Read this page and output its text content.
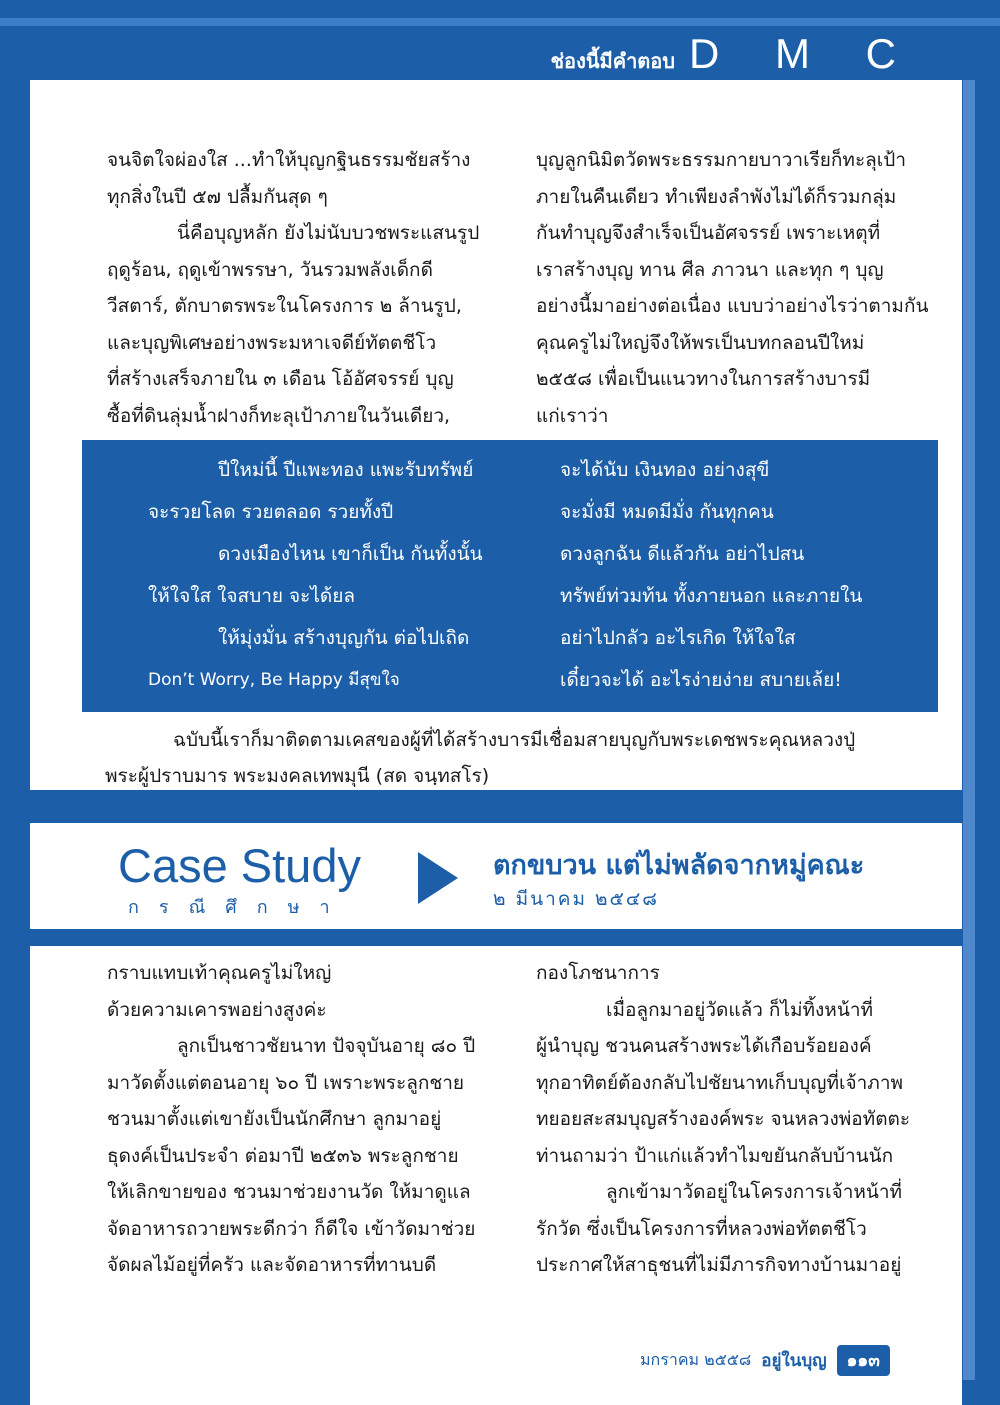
ช่องนี้มีคำตอบ D M C
จนจิตใจผ่องใส ...ทำให้บุญกฐินธรรมชัยสร้าง
ทุกสิ่งในปี ๕๗ ปลื้มกันสุด ๆ
นี่คือบุญหลัก ยังไม่นับบวชพระแสนรูป
ฤดูร้อน, ฤดูเข้าพรรษา, วันรวมพลังเด็กดี
วีสตาร์, ตักบาตรพระในโครงการ ๒ ล้านรูป,
และบุญพิเศษอย่างพระมหาเจดีย์ทัตตชีโว
ที่สร้างเสร็จภายใน ๓ เดือน โอ้อัศจรรย์ บุญ
ซื้อที่ดินลุ่มน้ำฝางก็ทะลุเป้าภายในวันเดียว,
บุญลูกนิมิตวัดพระธรรมกายบาวาเรียก็ทะลุเป้า
ภายในคืนเดียว ทำเพียงลำพังไม่ได้ก็รวมกลุ่ม
กันทำบุญจึงสำเร็จเป็นอัศจรรย์ เพราะเหตุที่
เราสร้างบุญ ทาน ศีล ภาวนา และทุก ๆ บุญ
อย่างนี้มาอย่างต่อเนื่อง แบบว่าอย่างไรว่าตามกัน
คุณครูไม่ใหญ่จึงให้พรเป็นบทกลอนปีใหม่
๒๕๕๘ เพื่อเป็นแนวทางในการสร้างบารมี
แก่เราว่า
ปีใหม่นี้ ปีแพะทอง แพะรับทรัพย์
จะรวยโลด รวยตลอด รวยทั้งปี
ดวงเมืองไหน เขาก็เป็น กันทั้งนั้น
ให้ใจใส ใจสบาย จะได้ยล
ให้มุ่งมั่น สร้างบุญกัน ต่อไปเถิด
Don’t Worry, Be Happy มีสุขใจ
จะได้นับ เงินทอง อย่างสุขี
จะมั่งมี หมดมีมั่ง กันทุกคน
ดวงลูกฉัน ดีแล้วกัน อย่าไปสน
ทรัพย์ท่วมท้น ทั้งภายนอก และภายใน
อย่าไปกลัว อะไรเกิด ให้ใจใส
เดี๋ยวจะได้ อะไรง่ายง่าย สบายเล้ย!
ฉบับนี้เราก็มาติดตามเคสของผู้ที่ได้สร้างบารมีเชื่อมสายบุญกับพระเดชพระคุณหลวงปู่
พระผู้ปราบมาร พระมงคลเทพมุนี (สด จนฺทสโร)
Case Study
กรณีศึกษา
ตกขบวน แต่ไม่พลัดจากหมู่คณะ
๒ มีนาคม ๒๕๔๘
กราบแทบเท้าคุณครูไม่ใหญ่
ด้วยความเคารพอย่างสูงค่ะ
ลูกเป็นชาวชัยนาท ปัจจุบันอายุ ๘๐ ปี
มาวัดตั้งแต่ตอนอายุ ๖๐ ปี เพราะพระลูกชาย
ชวนมาตั้งแต่เขายังเป็นนักศึกษา ลูกมาอยู่
ธุดงค์เป็นประจำ ต่อมาปี ๒๕๓๖ พระลูกชาย
ให้เลิกขายของ ชวนมาช่วยงานวัด ให้มาดูแล
จัดอาหารถวายพระดีกว่า ก็ดีใจ เข้าวัดมาช่วย
จัดผลไม้อยู่ที่ครัว และจัดอาหารที่ทานบดี
กองโภชนาการ
เมื่อลูกมาอยู่วัดแล้ว ก็ไม่ทิ้งหน้าที่
ผู้นำบุญ ชวนคนสร้างพระได้เกือบร้อยองค์
ทุกอาทิตย์ต้องกลับไปชัยนาทเก็บบุญที่เจ้าภาพ
ทยอยสะสมบุญสร้างองค์พระ จนหลวงพ่อทัตตะ
ท่านถามว่า ป้าแก่แล้วทำไมขยันกลับบ้านนัก
ลูกเข้ามาวัดอยู่ในโครงการเจ้าหน้าที่
รักวัด ซึ่งเป็นโครงการที่หลวงพ่อทัตตชีโว
ประกาศให้สาธุชนที่ไม่มีภารกิจทางบ้านมาอยู่
มกราคม ๒๕๕๘ อยู่ในบุญ	๑๑๓
